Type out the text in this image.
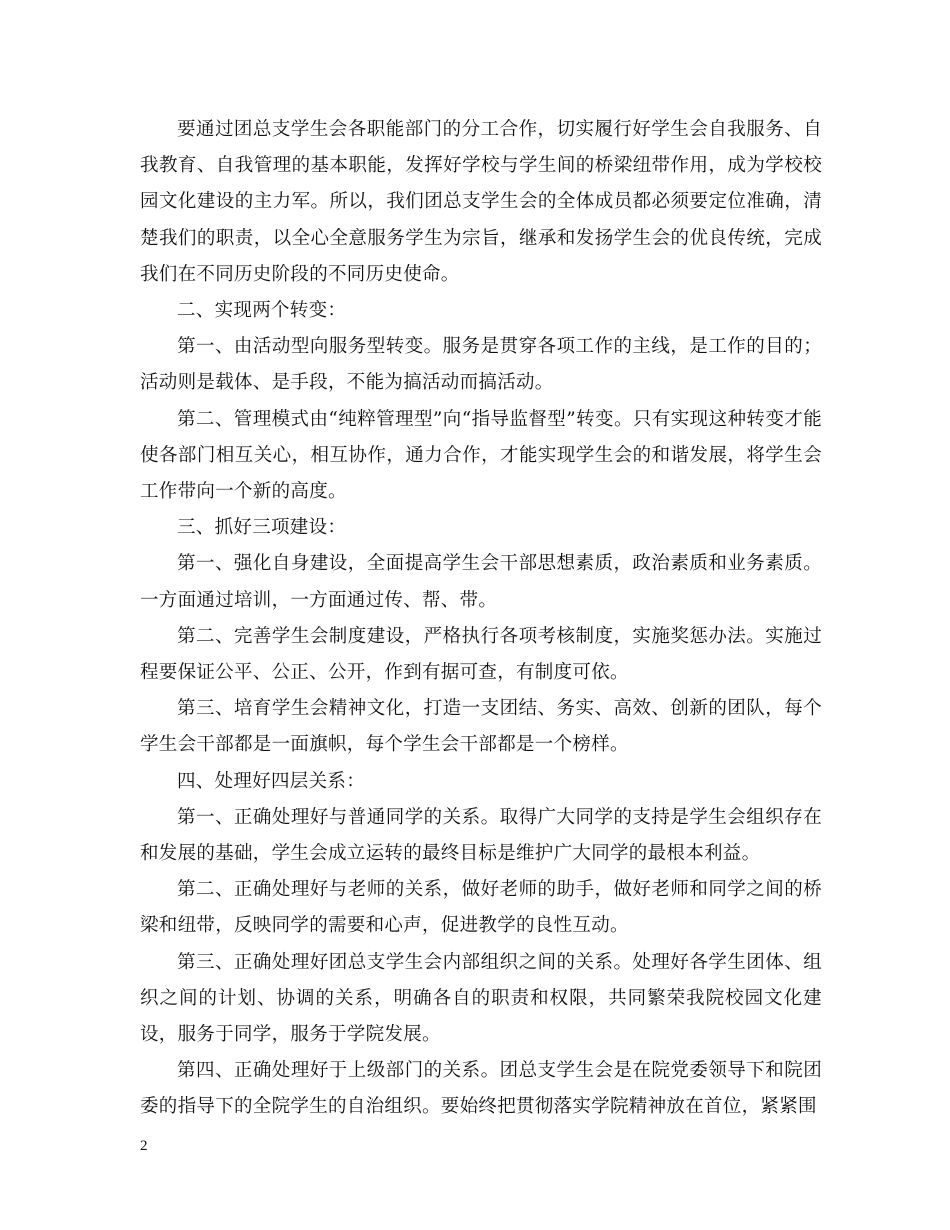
要通过团总支学生会各职能部门的分工合作，切实履行好学生会自我服务、自我教育、自我管理的基本职能，发挥好学校与学生间的桥梁纽带作用，成为学校校园文化建设的主力军。所以，我们团总支学生会的全体成员都必须要定位准确，清楚我们的职责，以全心全意服务学生为宗旨，继承和发扬学生会的优良传统，完成我们在不同历史阶段的不同历史使命。

二、实现两个转变：

第一、由活动型向服务型转变。服务是贯穿各项工作的主线，是工作的目的；活动则是载体、是手段，不能为搞活动而搞活动。

第二、管理模式由“纯粹管理型”向“指导监督型”转变。只有实现这种转变才能使各部门相互关心，相互协作，通力合作，才能实现学生会的和谐发展，将学生会工作带向一个新的高度。

三、抓好三项建设：

第一、强化自身建设，全面提高学生会干部思想素质，政治素质和业务素质。一方面通过培训，一方面通过传、帮、带。

第二、完善学生会制度建设，严格执行各项考核制度，实施奖惩办法。实施过程要保证公平、公正、公开，作到有据可查，有制度可依。

第三、培育学生会精神文化，打造一支团结、务实、高效、创新的团队，每个学生会干部都是一面旗帜，每个学生会干部都是一个榜样。

四、处理好四层关系：

第一、正确处理好与普通同学的关系。取得广大同学的支持是学生会组织存在和发展的基础，学生会成立运转的最终目标是维护广大同学的最根本利益。

第二、正确处理好与老师的关系，做好老师的助手，做好老师和同学之间的桥梁和纽带，反映同学的需要和心声，促进教学的良性互动。

第三、正确处理好团总支学生会内部组织之间的关系。处理好各学生团体、组织之间的计划、协调的关系，明确各自的职责和权限，共同繁荣我院校园文化建设，服务于同学，服务于学院发展。

第四、正确处理好于上级部门的关系。团总支学生会是在院党委领导下和院团委的指导下的全院学生的自治组织。要始终把贯彻落实学院精神放在首位，紧紧围

2
